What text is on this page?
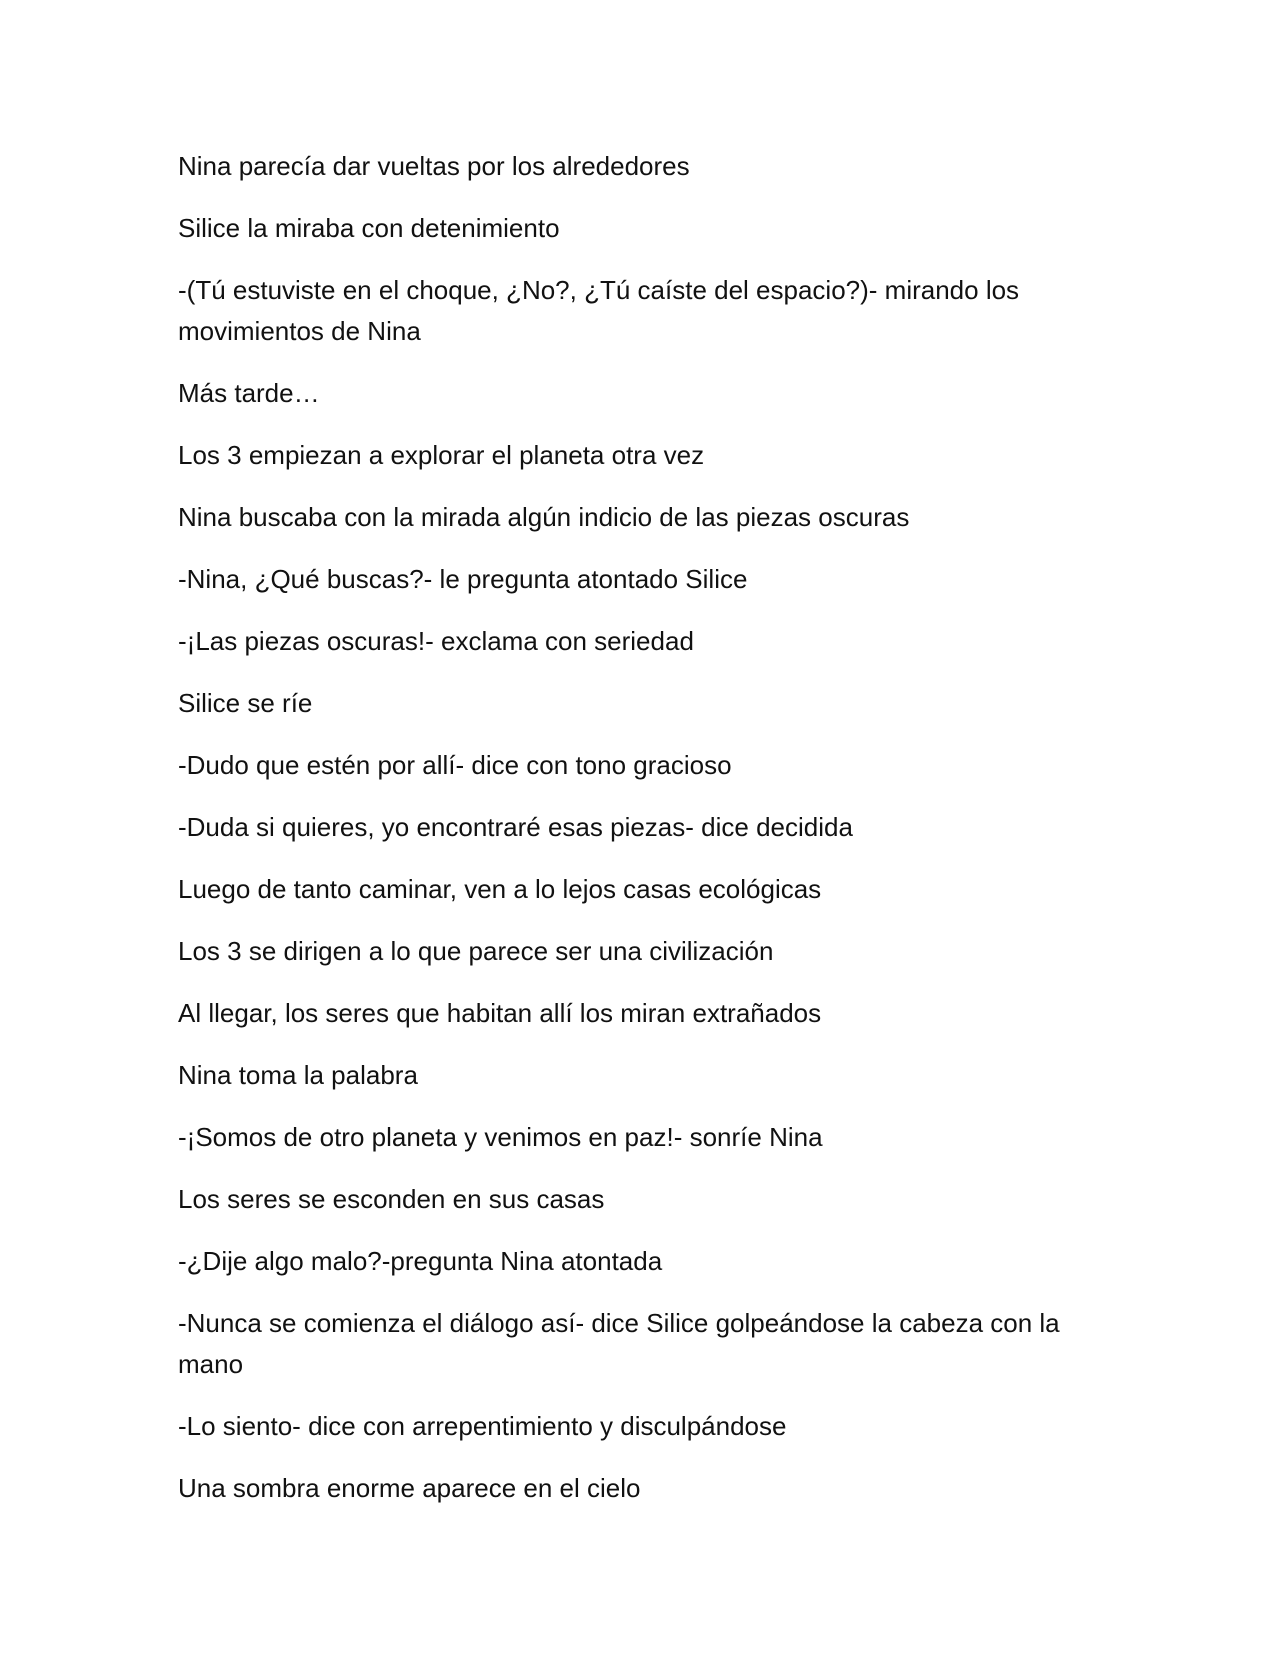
Nina parecía dar vueltas por los alrededores

Silice la miraba con detenimiento

-(Tú estuviste en el choque, ¿No?, ¿Tú caíste del espacio?)- mirando los movimientos de Nina

Más tarde…

Los 3 empiezan a explorar el planeta otra vez

Nina buscaba con la mirada algún indicio de las piezas oscuras

-Nina, ¿Qué buscas?- le pregunta atontado Silice

-¡Las piezas oscuras!- exclama con seriedad

Silice se ríe

-Dudo que estén por allí- dice con tono gracioso

-Duda si quieres, yo encontraré esas piezas- dice decidida

Luego de tanto caminar, ven a lo lejos casas ecológicas

Los 3 se dirigen a lo que parece ser una civilización

Al llegar, los seres que habitan allí los miran extrañados

Nina toma la palabra

-¡Somos de otro planeta y venimos en paz!- sonríe Nina

Los seres se esconden en sus casas

-¿Dije algo malo?-pregunta Nina atontada

-Nunca se comienza el diálogo así- dice Silice golpeándose la cabeza con la mano

-Lo siento- dice con arrepentimiento y disculpándose

Una sombra enorme aparece en el cielo
